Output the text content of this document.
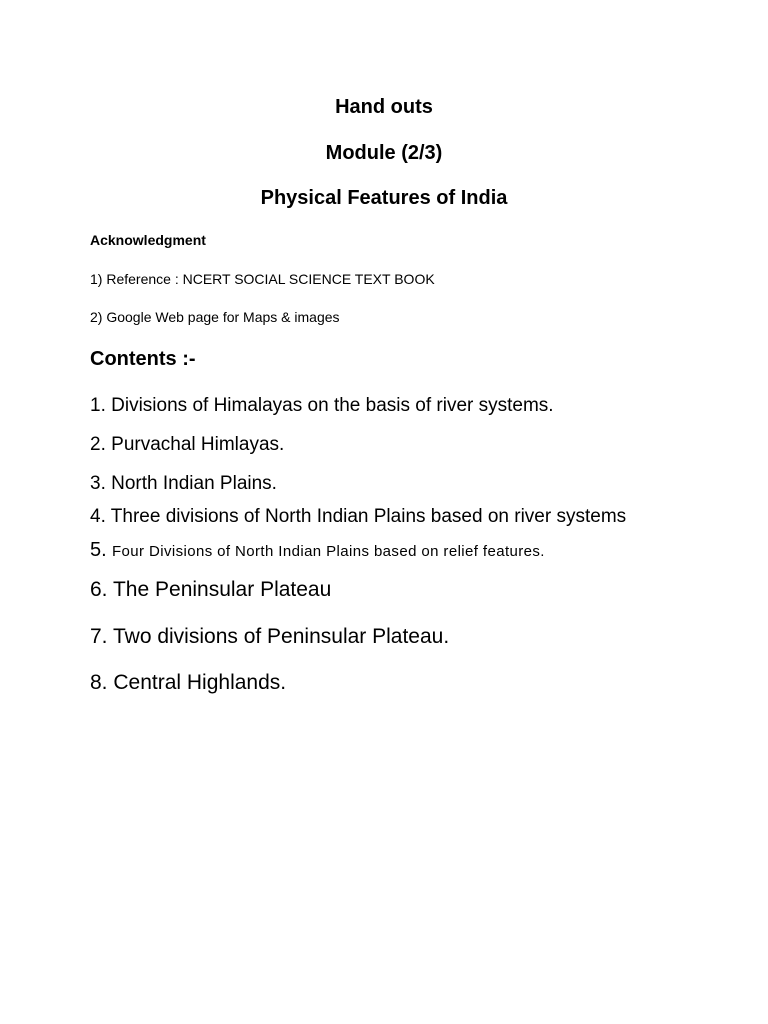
Hand outs
Module (2/3)
Physical Features of India
Acknowledgment
1) Reference : NCERT SOCIAL SCIENCE TEXT BOOK
2) Google Web page for Maps & images
Contents :-
1. Divisions of Himalayas on the basis of river systems.
2. Purvachal Himlayas.
3. North Indian Plains.
4. Three divisions of North Indian Plains based on river systems
5. Four Divisions of North Indian Plains based on relief features.
6. The Peninsular Plateau
7. Two divisions of Peninsular Plateau.
8. Central Highlands.
